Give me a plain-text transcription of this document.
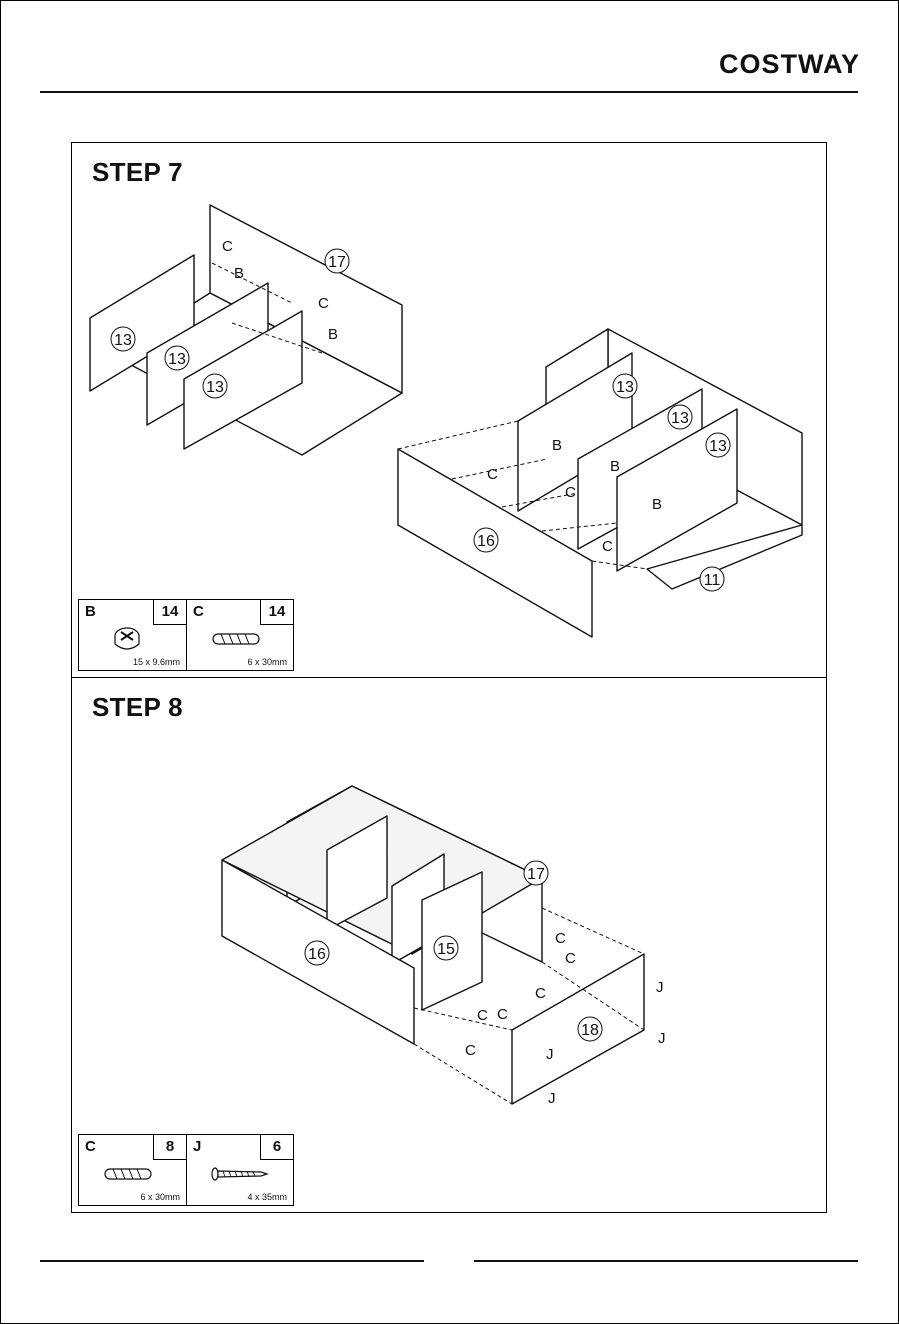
COSTWAY
STEP 7
13
13
13
17
16
13
13
13
11
C
B
C
B
B
C	B
C
B
C
B	14
15 x 9.6mm
C	14
6 x 30mm
STEP 8
17
16	15
18
C
C
C
C
C
C
J
J
J
J
C	8
6 x 30mm
J	6
4 x 35mm
